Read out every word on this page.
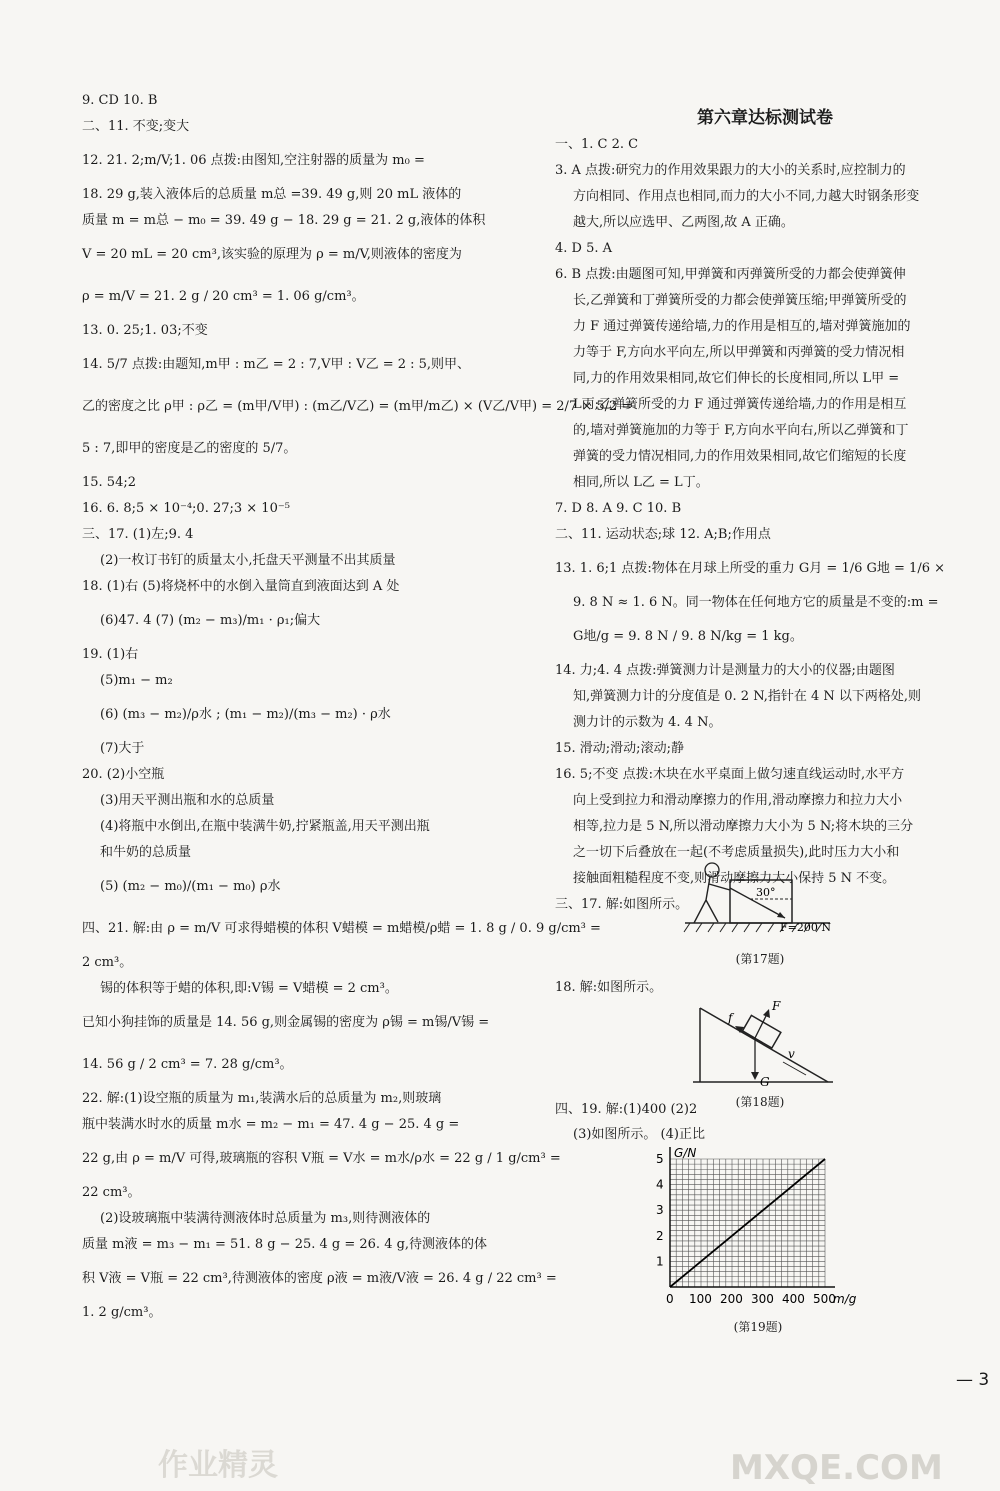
9. CD 10. B
二、11. 不变;变大
12. 21. 2;m/V;1. 06 点拨:由图知,空注射器的质量为 m₀ =
18. 29 g,装入液体后的总质量 m总 =39. 49 g,则 20 mL 液体的
质量 m = m总 − m₀ = 39. 49 g − 18. 29 g = 21. 2 g,液体的体积
V = 20 mL = 20 cm³,该实验的原理为 ρ = m/V,则液体的密度为
ρ = m/V = 21. 2 g / 20 cm³ = 1. 06 g/cm³。
13. 0. 25;1. 03;不变
14. 5/7 点拨:由题知,m甲 : m乙 = 2 : 7,V甲 : V乙 = 2 : 5,则甲、
乙的密度之比 ρ甲 : ρ乙 = (m甲/V甲) : (m乙/V乙) = (m甲/m乙) × (V乙/V甲) = 2/7 × 5/2 =
5 : 7,即甲的密度是乙的密度的 5/7。
15. 54;2
16. 6. 8;5 × 10⁻⁴;0. 27;3 × 10⁻⁵
三、17. (1)左;9. 4
(2)一枚订书钉的质量太小,托盘天平测量不出其质量
18. (1)右 (5)将烧杯中的水倒入量筒直到液面达到 A 处
(6)47. 4 (7) (m₂ − m₃)/m₁ · ρ₁;偏大
19. (1)右
(5)m₁ − m₂
(6) (m₃ − m₂)/ρ水 ; (m₁ − m₂)/(m₃ − m₂) · ρ水
(7)大于
20. (2)小空瓶
(3)用天平测出瓶和水的总质量
(4)将瓶中水倒出,在瓶中装满牛奶,拧紧瓶盖,用天平测出瓶
和牛奶的总质量
(5) (m₂ − m₀)/(m₁ − m₀) ρ水
四、21. 解:由 ρ = m/V 可求得蜡模的体积 V蜡模 = m蜡模/ρ蜡 = 1. 8 g / 0. 9 g/cm³ =
2 cm³。
锡的体积等于蜡的体积,即:V锡 = V蜡模 = 2 cm³。
已知小狗挂饰的质量是 14. 56 g,则金属锡的密度为 ρ锡 = m锡/V锡 =
14. 56 g / 2 cm³ = 7. 28 g/cm³。
22. 解:(1)设空瓶的质量为 m₁,装满水后的总质量为 m₂,则玻璃
瓶中装满水时水的质量 m水 = m₂ − m₁ = 47. 4 g − 25. 4 g =
22 g,由 ρ = m/V 可得,玻璃瓶的容积 V瓶 = V水 = m水/ρ水 = 22 g / 1 g/cm³ =
22 cm³。
(2)设玻璃瓶中装满待测液体时总质量为 m₃,则待测液体的
质量 m液 = m₃ − m₁ = 51. 8 g − 25. 4 g = 26. 4 g,待测液体的体
积 V液 = V瓶 = 22 cm³,待测液体的密度 ρ液 = m液/V液 = 26. 4 g / 22 cm³ =
1. 2 g/cm³。
第六章达标测试卷
一、1. C 2. C
3. A 点拨:研究力的作用效果跟力的大小的关系时,应控制力的
方向相同、作用点也相同,而力的大小不同,力越大时钢条形变
越大,所以应选甲、乙两图,故 A 正确。
4. D 5. A
6. B 点拨:由题图可知,甲弹簧和丙弹簧所受的力都会使弹簧伸
长,乙弹簧和丁弹簧所受的力都会使弹簧压缩;甲弹簧所受的
力 F 通过弹簧传递给墙,力的作用是相互的,墙对弹簧施加的
力等于 F,方向水平向左,所以甲弹簧和丙弹簧的受力情况相
同,力的作用效果相同,故它们伸长的长度相同,所以 L甲 =
L丙;乙弹簧所受的力 F 通过弹簧传递给墙,力的作用是相互
的,墙对弹簧施加的力等于 F,方向水平向右,所以乙弹簧和丁
弹簧的受力情况相同,力的作用效果相同,故它们缩短的长度
相同,所以 L乙 = L丁。
7. D 8. A 9. C 10. B
二、11. 运动状态;球 12. A;B;作用点
13. 1. 6;1 点拨:物体在月球上所受的重力 G月 = 1/6 G地 = 1/6 ×
9. 8 N ≈ 1. 6 N。同一物体在任何地方它的质量是不变的:m =
G地/g = 9. 8 N / 9. 8 N/kg = 1 kg。
14. 力;4. 4 点拨:弹簧测力计是测量力的大小的仪器;由题图
知,弹簧测力计的分度值是 0. 2 N,指针在 4 N 以下两格处,则
测力计的示数为 4. 4 N。
15. 滑动;滑动;滚动;静
16. 5;不变 点拨:木块在水平桌面上做匀速直线运动时,水平方
向上受到拉力和滑动摩擦力的作用,滑动摩擦力和拉力大小
相等,拉力是 5 N,所以滑动摩擦力大小为 5 N;将木块的三分
之一切下后叠放在一起(不考虑质量损失),此时压力大小和
接触面粗糙程度不变,则滑动摩擦力大小保持 5 N 不变。
三、17. 解:如图所示。
30°
F=200 N
(第17题)
18. 解:如图所示。
f
F
v
G
(第18题)
四、19. 解:(1)400 (2)2
(3)如图所示。 (4)正比
0 100 200 300 400 500
1
2
3
4
5 G/N
m/g
(第19题)
— 3
作业精灵	MXQE.COM
